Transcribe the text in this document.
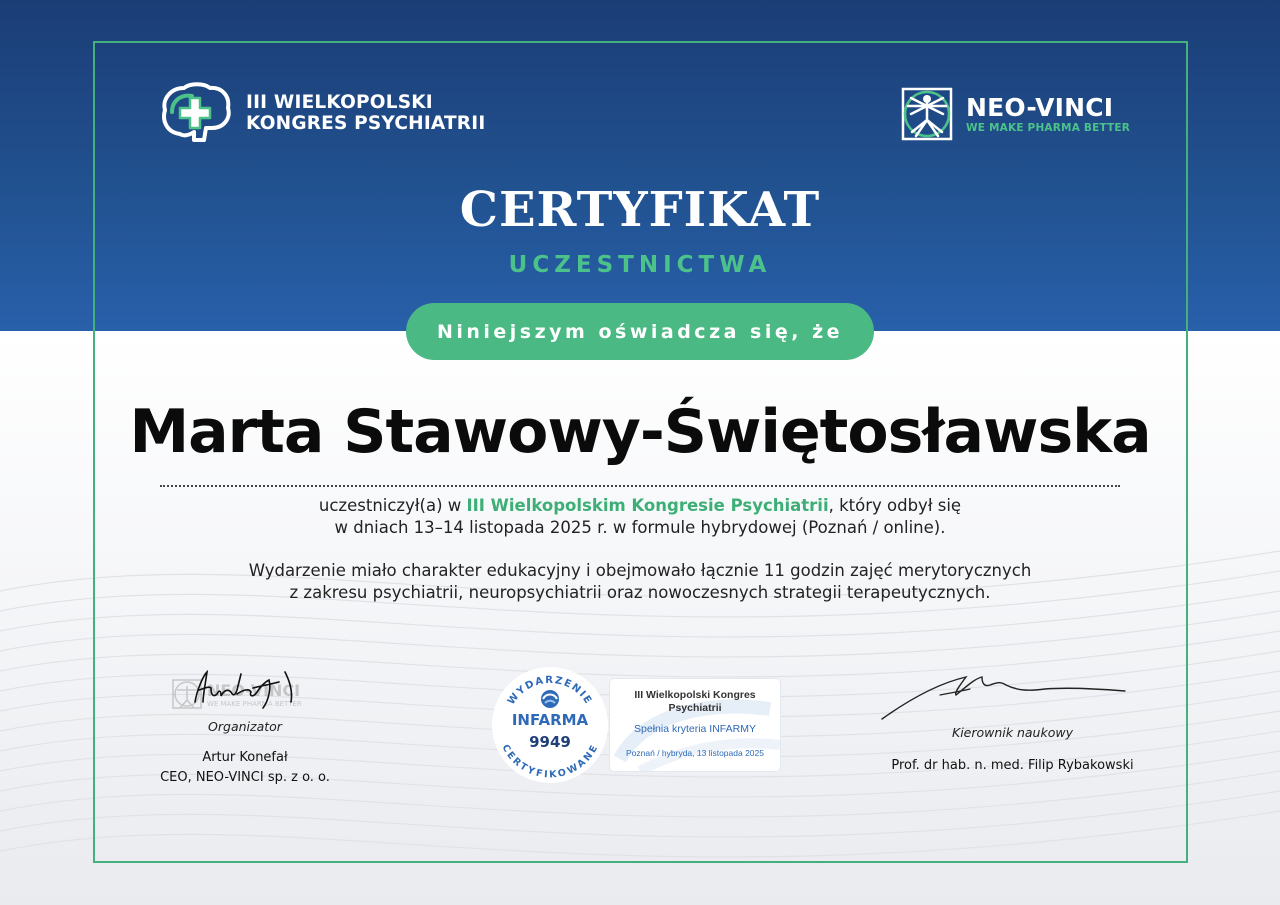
III WIELKOPOLSKI
KONGRES PSYCHIATRII
NEO-VINCI
WE MAKE PHARMA BETTER
CERTYFIKAT
UCZESTNICTWA
Niniejszym oświadcza się, że
Marta Stawowy-Świętosławska
uczestniczył(a) w III Wielkopolskim Kongresie Psychiatrii, który odbył się
w dniach 13–14 listopada 2025 r. w formule hybrydowej (Poznań / online).
Wydarzenie miało charakter edukacyjny i obejmowało łącznie 11 godzin zajęć merytorycznych
z zakresu psychiatrii, neuropsychiatrii oraz nowoczesnych strategii terapeutycznych.
NEO-VINCI
WE MAKE PHARMA BETTER
Organizator
Artur Konefał
CEO, NEO-VINCI sp. z o. o.
III Wielkopolski Kongres
Psychiatrii
Spełnia kryteria INFARMY
Poznań / hybryda, 13 listopada 2025
WYDARZENIE
CERTYFIKOWANE
INFARMA
9949
Kierownik naukowy
Prof. dr hab. n. med. Filip Rybakowski
